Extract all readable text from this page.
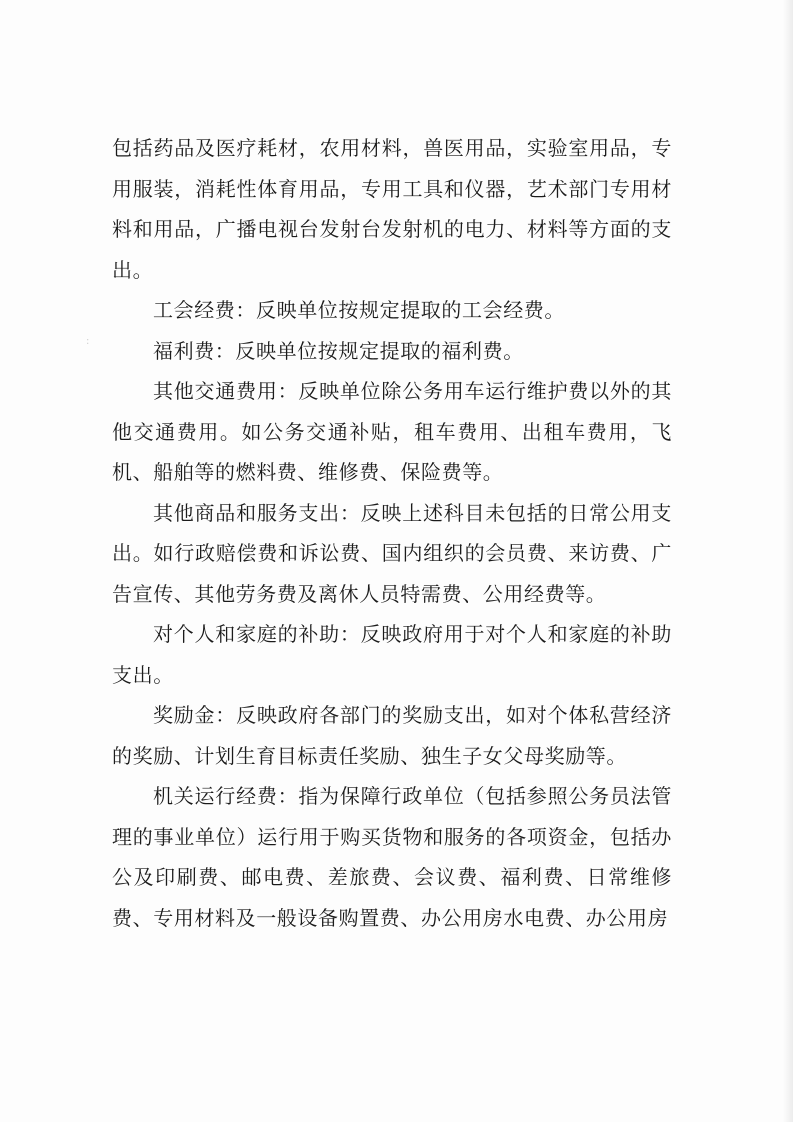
:

包括药品及医疗耗材，农用材料，兽医用品，实验室用品，专用服装，消耗性体育用品，专用工具和仪器，艺术部门专用材料和用品，广播电视台发射台发射机的电力、材料等方面的支出。

工会经费：反映单位按规定提取的工会经费。

福利费：反映单位按规定提取的福利费。

其他交通费用：反映单位除公务用车运行维护费以外的其他交通费用。如公务交通补贴，租车费用、出租车费用，飞机、船舶等的燃料费、维修费、保险费等。

其他商品和服务支出：反映上述科目未包括的日常公用支出。如行政赔偿费和诉讼费、国内组织的会员费、来访费、广告宣传、其他劳务费及离休人员特需费、公用经费等。

对个人和家庭的补助：反映政府用于对个人和家庭的补助支出。

奖励金：反映政府各部门的奖励支出，如对个体私营经济的奖励、计划生育目标责任奖励、独生子女父母奖励等。

机关运行经费：指为保障行政单位（包括参照公务员法管理的事业单位）运行用于购买货物和服务的各项资金，包括办公及印刷费、邮电费、差旅费、会议费、福利费、日常维修费、专用材料及一般设备购置费、办公用房水电费、办公用房
